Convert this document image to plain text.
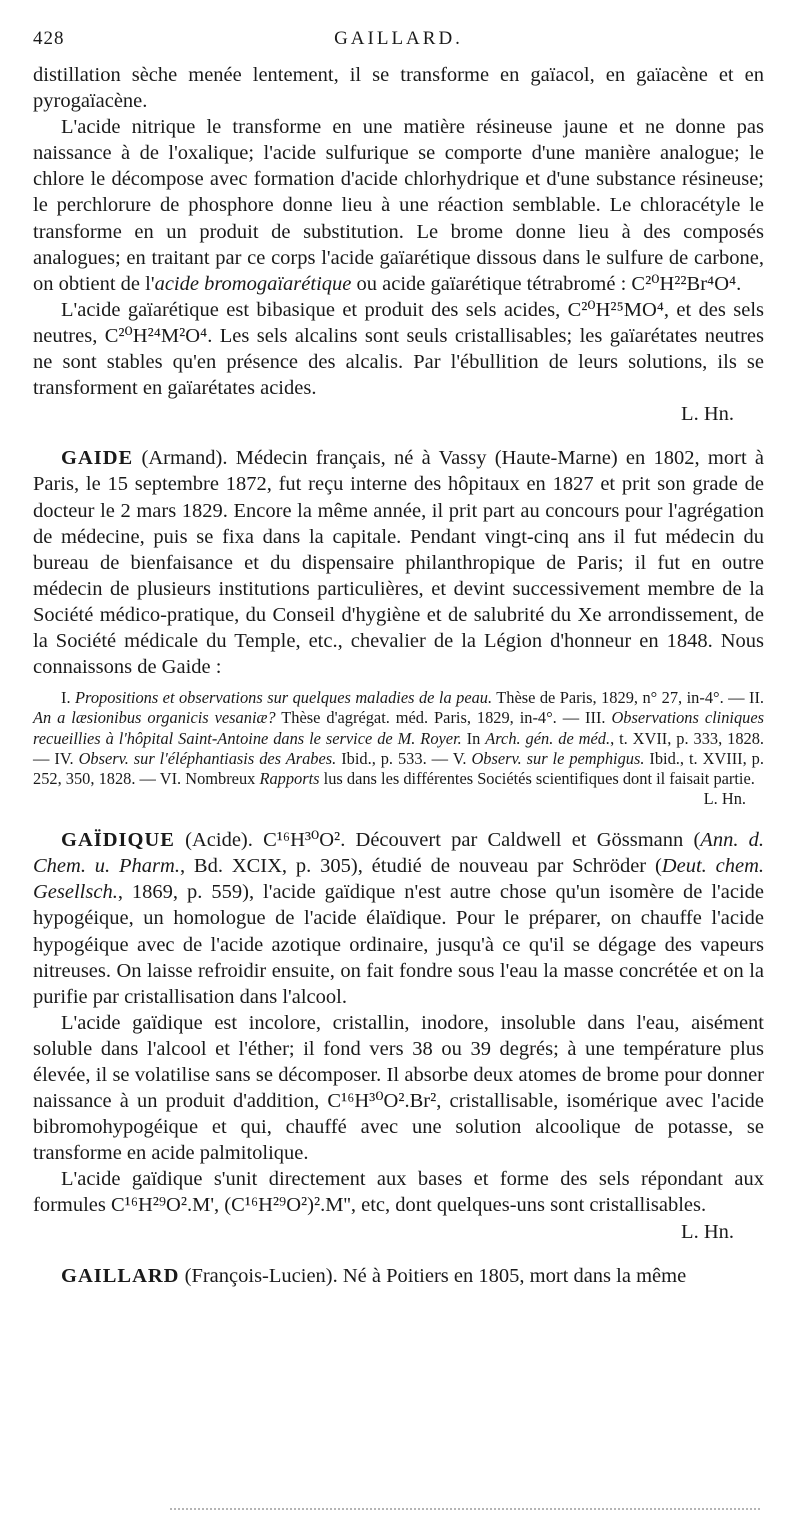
428	GAILLARD.

distillation sèche menée lentement, il se transforme en gaïacol, en gaïacène et en pyrogaïacène.

L'acide nitrique le transforme en une matière résineuse jaune et ne donne pas naissance à de l'oxalique; l'acide sulfurique se comporte d'une manière analogue; le chlore le décompose avec formation d'acide chlorhydrique et d'une substance résineuse; le perchlorure de phosphore donne lieu à une réaction semblable. Le chloracétyle le transforme en un produit de substitution. Le brome donne lieu à des composés analogues; en traitant par ce corps l'acide gaïarétique dissous dans le sulfure de carbone, on obtient de l'acide bromogaïarétique ou acide gaïarétique tétrabromé : C²⁰H²²Br⁴O⁴.

L'acide gaïarétique est bibasique et produit des sels acides, C²⁰H²⁵MO⁴, et des sels neutres, C²⁰H²⁴M²O⁴. Les sels alcalins sont seuls cristallisables; les gaïarétates neutres ne sont stables qu'en présence des alcalis. Par l'ébullition de leurs solutions, ils se transforment en gaïarétates acides.

L. Hn.

GAIDE (Armand). Médecin français, né à Vassy (Haute-Marne) en 1802, mort à Paris, le 15 septembre 1872, fut reçu interne des hôpitaux en 1827 et prit son grade de docteur le 2 mars 1829. Encore la même année, il prit part au concours pour l'agrégation de médecine, puis se fixa dans la capitale. Pendant vingt-cinq ans il fut médecin du bureau de bienfaisance et du dispensaire philanthropique de Paris; il fut en outre médecin de plusieurs institutions particulières, et devint successivement membre de la Société médico-pratique, du Conseil d'hygiène et de salubrité du Xe arrondissement, de la Société médicale du Temple, etc., chevalier de la Légion d'honneur en 1848. Nous connaissons de Gaide :

I. Propositions et observations sur quelques maladies de la peau. Thèse de Paris, 1829, n° 27, in-4°. — II. An a læsionibus organicis vesaniæ? Thèse d'agrégat. méd. Paris, 1829, in-4°. — III. Observations cliniques recueillies à l'hôpital Saint-Antoine dans le service de M. Royer. In Arch. gén. de méd., t. XVII, p. 333, 1828. — IV. Observ. sur l'éléphantiasis des Arabes. Ibid., p. 533. — V. Observ. sur le pemphigus. Ibid., t. XVIII, p. 252, 350, 1828. — VI. Nombreux Rapports lus dans les différentes Sociétés scientifiques dont il faisait partie.

L. Hn.

GAÏDIQUE (Acide). C¹⁶H³⁰O². Découvert par Caldwell et Gössmann (Ann. d. Chem. u. Pharm., Bd. XCIX, p. 305), étudié de nouveau par Schröder (Deut. chem. Gesellsch., 1869, p. 559), l'acide gaïdique n'est autre chose qu'un isomère de l'acide hypogéique, un homologue de l'acide élaïdique. Pour le préparer, on chauffe l'acide hypogéique avec de l'acide azotique ordinaire, jusqu'à ce qu'il se dégage des vapeurs nitreuses. On laisse refroidir ensuite, on fait fondre sous l'eau la masse concrétée et on la purifie par cristallisation dans l'alcool.

L'acide gaïdique est incolore, cristallin, inodore, insoluble dans l'eau, aisément soluble dans l'alcool et l'éther; il fond vers 38 ou 39 degrés; à une température plus élevée, il se volatilise sans se décomposer. Il absorbe deux atomes de brome pour donner naissance à un produit d'addition, C¹⁶H³⁰O².Br², cristallisable, isomérique avec l'acide bibromohypogéique et qui, chauffé avec une solution alcoolique de potasse, se transforme en acide palmitolique.

L'acide gaïdique s'unit directement aux bases et forme des sels répondant aux formules C¹⁶H²⁹O².M', (C¹⁶H²⁹O²)².M'', etc, dont quelques-uns sont cristallisables.

L. Hn.

GAILLARD (François-Lucien). Né à Poitiers en 1805, mort dans la même
